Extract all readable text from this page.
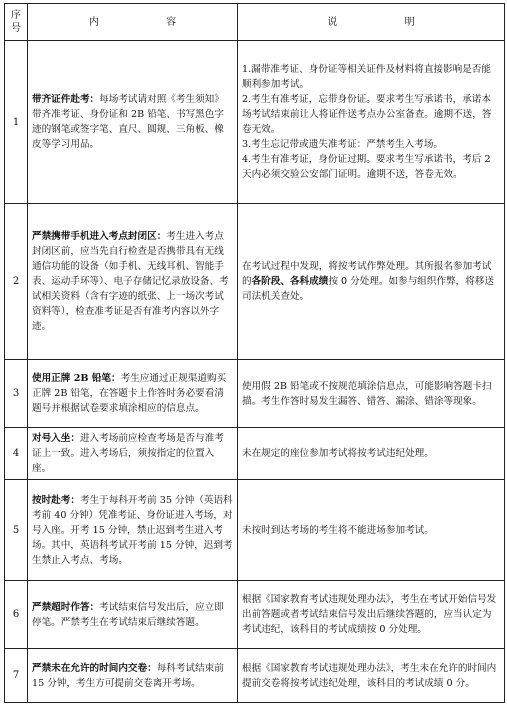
序
号	内 容	说 明
1	带齐证件赴考：每场考试请对照《考生须知》带齐准考证、身份证和 2B 铅笔、书写黑色字迹的钢笔或签字笔、直尺、圆规、三角板、橡皮等学习用品。	1.漏带准考证、身份证等相关证件及材料将直接影响是否能顺利参加考试。
2.考生有准考证，忘带身份证。要求考生写承诺书，承诺本场考试结束前让人将证件送考点办公室备查。逾期不送，答卷无效。
3.考生忘记带或遗失准考证：严禁考生入考场。
4.考生有准考证，身份证过期。要求考生写承诺书，考后 2 天内必须交验公安部门证明。逾期不送，答卷无效。

2	严禁携带手机进入考点封闭区：考生进入考点封闭区前，应当先自行检查是否携带具有无线通信功能的设备（如手机、无线耳机、智能手表、运动手环等）、电子存储记忆录放设备、考试相关资料（含有字迹的纸张、上一场次考试资料等），检查准考证是否有准考内容以外字迹。	在考试过程中发现，将按考试作弊处理。其所报名参加考试的各阶段、各科成绩按 0 分处理。如参与组织作弊，将移送司法机关查处。
3	使用正牌 2B 铅笔：考生应通过正规渠道购买正牌 2B 铅笔，在答题卡上作答时务必要看清题号并根据试卷要求填涂相应的信息点。	使用假 2B 铅笔或不按规范填涂信息点，可能影响答题卡扫描。考生作答时易发生漏答、错答、漏涂、错涂等现象。
4	对号入坐：进入考场前应检查考场是否与准考证上一致。进入考场后，须按指定的位置入座。	未在规定的座位参加考试将按考试违纪处理。
5	按时赴考：考生于每科开考前 35 分钟（英语科考前 40 分钟）凭准考证、身份证进入考场，对号入座。开考 15 分钟，禁止迟到考生进入考场。其中，英语科考试开考前 15 分钟，迟到考生禁止入考点、考场。	未按时到达考场的考生将不能进场参加考试。
6	严禁超时作答：考试结束信号发出后，应立即停笔。严禁考生在考试结束后继续答题。	根据《国家教育考试违规处理办法》，考生在考试开始信号发出前答题或者考试结束信号发出后继续答题的，应当认定为考试违纪，该科目的考试成绩按 0 分处理。
7	严禁未在允许的时间内交卷：每科考试结束前 15 分钟，考生方可提前交卷离开考场。	根据《国家教育考试违规处理办法》，考生未在允许的时间内提前交卷将按考试违纪处理，该科目的考试成绩 0 分。
